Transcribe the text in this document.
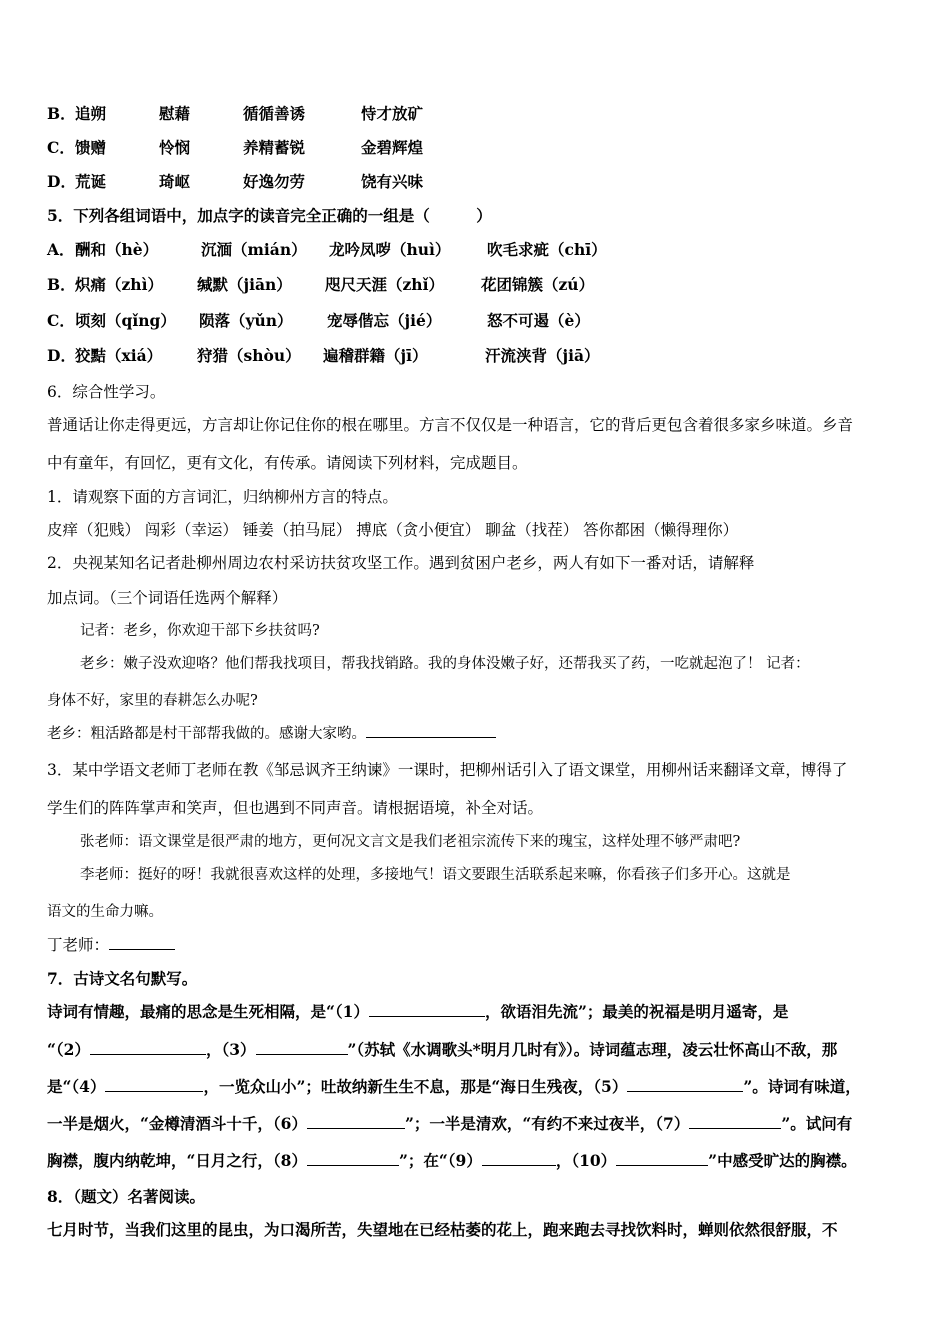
B．追朔	慰藉	循循善诱	恃才放矿
C．馈赠	怜悯	养精蓄锐	金碧辉煌
D．荒诞	琦岖	好逸勿劳	饶有兴味
5．下列各组词语中，加点字的读音完全正确的一组是（　　　）
A．酬和（hè）	沉湎（mián） 龙吟凤哕（huì） 吹毛求疵（chī）
B．炽痛（zhì） 缄默（jiān） 咫尺天涯（zhǐ） 花团锦簇（zú）
C．顷刻（qǐng） 陨落（yǔn） 宠辱偕忘（jié）	怒不可遏（è）
D．狡黠（xiá） 狩猎（shòu） 遍稽群籍（jī）	汗流浃背（jiā）
6．综合性学习。
普通话让你走得更远，方言却让你记住你的根在哪里。方言不仅仅是一种语言，它的背后更包含着很多家乡味道。乡音
中有童年，有回忆，更有文化，有传承。请阅读下列材料，完成题目。
1．请观察下面的方言词汇，归纳柳州方言的特点。
皮痒（犯贱） 闯彩（幸运） 锤姜（拍马屁） 搏底（贪小便宜） 聊盆（找茬） 答你都困（懒得理你）
2．央视某知名记者赴柳州周边农村采访扶贫攻坚工作。遇到贫困户老乡，两人有如下一番对话，请解释
加点词。（三个词语任选两个解释）
记者：老乡，你欢迎干部下乡扶贫吗?
老乡：嫩子没欢迎咯？他们帮我找项目，帮我找销路。我的身体没嫩子好，还帮我买了药，一吃就起泡了！ 记者：
身体不好，家里的春耕怎么办呢?
老乡：粗活路都是村干部帮我做的。感谢大家哟。
3．某中学语文老师丁老师在教《邹忌讽齐王纳谏》一课时，把柳州话引入了语文课堂，用柳州话来翻译文章，博得了
学生们的阵阵掌声和笑声，但也遇到不同声音。请根据语境，补全对话。
张老师：语文课堂是很严肃的地方，更何况文言文是我们老祖宗流传下来的瑰宝，这样处理不够严肃吧?
李老师：挺好的呀！我就很喜欢这样的处理，多接地气！语文要跟生活联系起来嘛，你看孩子们多开心。这就是
语文的生命力嘛。
丁老师：
7．古诗文名句默写。
诗词有情趣，最痛的思念是生死相隔，是“（1）	，欲语泪先流”；最美的祝福是明月遥寄，是
“（2）	，（3）	”（苏轼《水调歌头*明月几时有》）。诗词蕴志理，凌云壮怀高山不敌，那
是“（4）	，一览众山小”；吐故纳新生生不息，那是“海日生残夜，（5）	”。诗词有味道，
一半是烟火，“金樽清酒斗十千，（6）	”；一半是清欢，“有约不来过夜半，（7）	”。试问有
胸襟，腹内纳乾坤，“日月之行，（8）	”；在“（9）	，（10）	”中感受旷达的胸襟。
8．（题文）名著阅读。
七月时节，当我们这里的昆虫，为口渴所苦，失望地在已经枯萎的花上，跑来跑去寻找饮料时，蝉则依然很舒服，不
